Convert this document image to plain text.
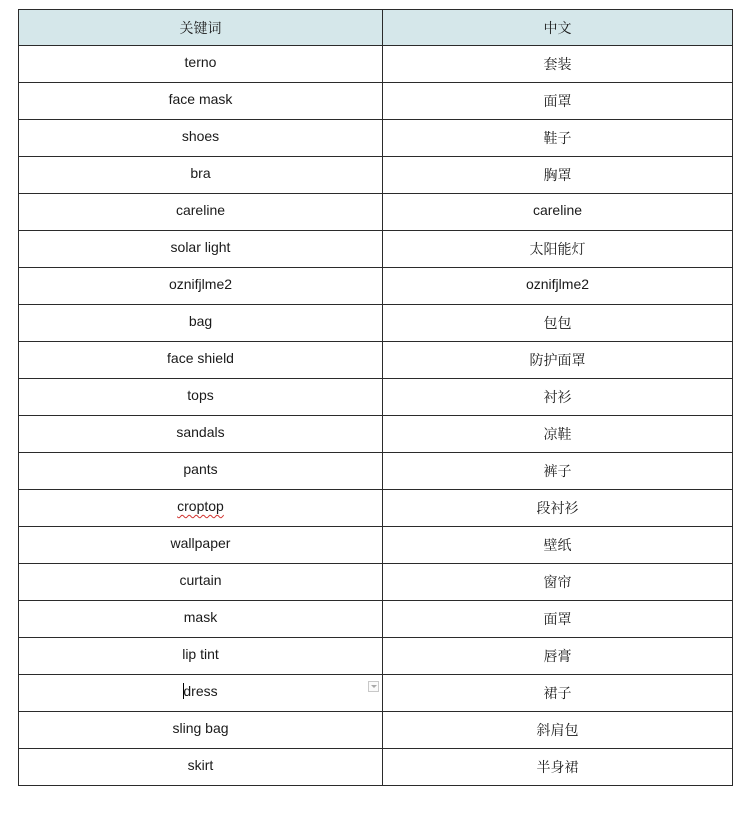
关键词	中文
terno	套装
face mask	面罩
shoes	鞋子
bra	胸罩
careline	careline
solar light	太阳能灯
oznifjlme2	oznifjlme2
bag	包包
face shield	防护面罩
tops	衬衫
sandals	凉鞋
pants	裤子
croptop	段衬衫
wallpaper	壁纸
curtain	窗帘
mask	面罩
lip tint	唇膏
dress	裙子
sling bag	斜肩包
skirt	半身裙
